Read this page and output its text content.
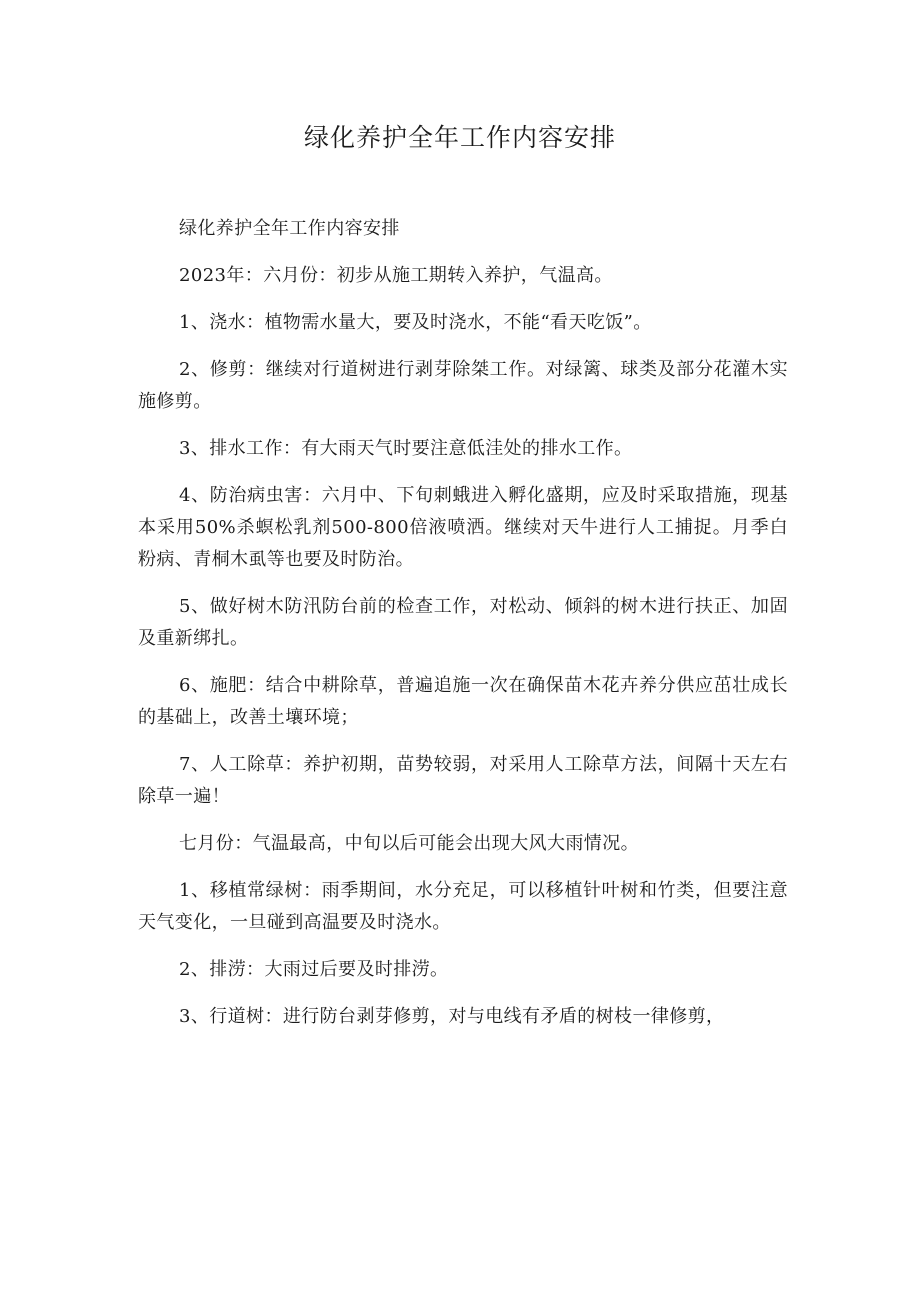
绿化养护全年工作内容安排

绿化养护全年工作内容安排

2023年：六月份：初步从施工期转入养护，气温高。

1、浇水：植物需水量大，要及时浇水，不能“看天吃饭”。

2、修剪：继续对行道树进行剥芽除桀工作。对绿篱、球类及部分花灌木实施修剪。

3、排水工作：有大雨天气时要注意低洼处的排水工作。

4、防治病虫害：六月中、下旬刺蛾进入孵化盛期，应及时采取措施，现基本采用50%杀螟松乳剂500-800倍液喷洒。继续对天牛进行人工捕捉。月季白粉病、青桐木虱等也要及时防治。

5、做好树木防汛防台前的检查工作，对松动、倾斜的树木进行扶正、加固及重新绑扎。

6、施肥：结合中耕除草，普遍追施一次在确保苗木花卉养分供应茁壮成长的基础上，改善土壤环境；

7、人工除草：养护初期，苗势较弱，对采用人工除草方法，间隔十天左右除草一遍！

七月份：气温最高，中旬以后可能会出现大风大雨情况。

1、移植常绿树：雨季期间，水分充足，可以移植针叶树和竹类，但要注意天气变化，一旦碰到高温要及时浇水。

2、排涝：大雨过后要及时排涝。

3、行道树：进行防台剥芽修剪，对与电线有矛盾的树枝一律修剪，
